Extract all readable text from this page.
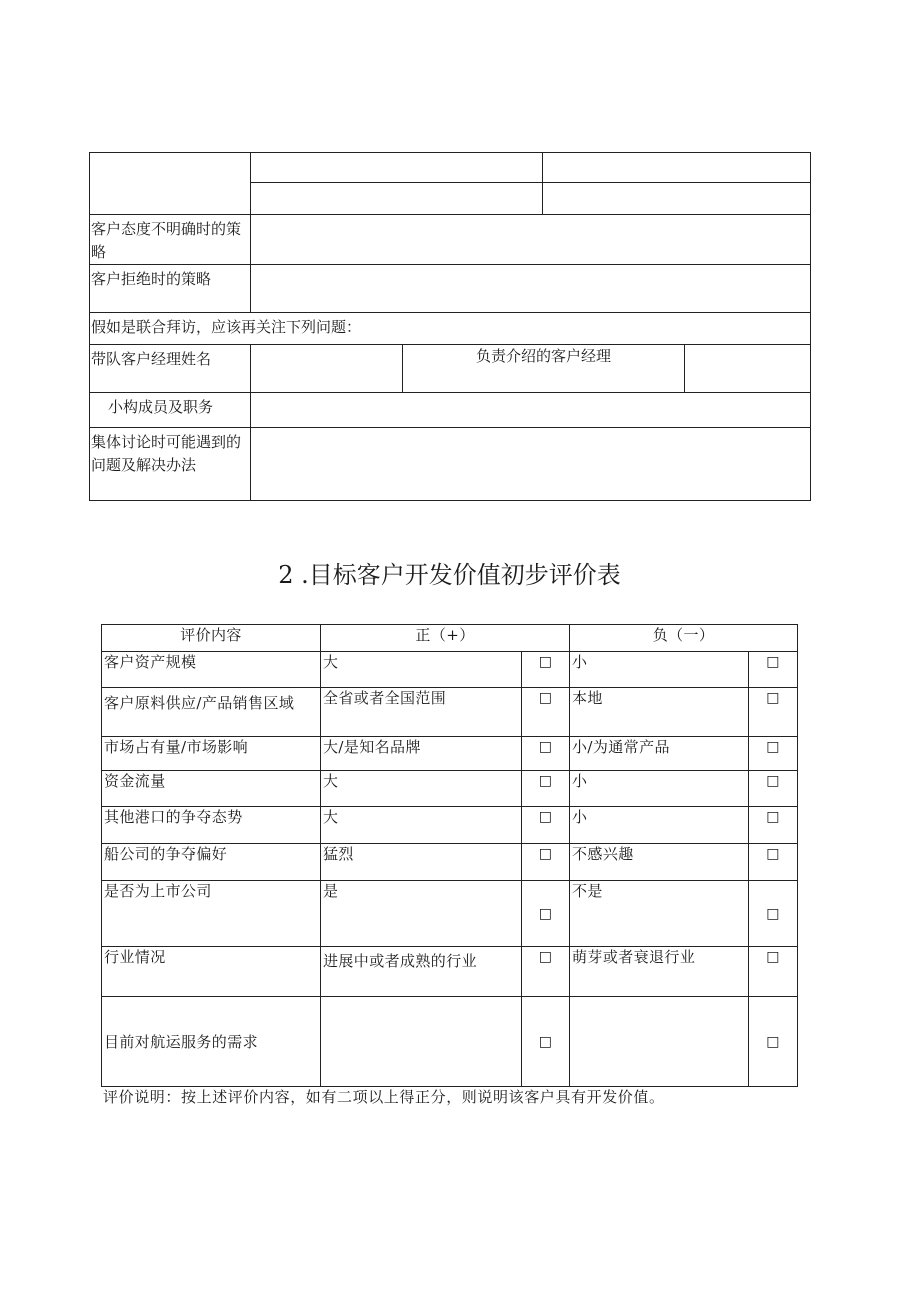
客户态度不明确时的策略				

客户拒绝时的策略				
假如是联合拜访，应该再关注下列问题：				
带队客户经理姓名		负责介绍的客户经理		
小构成员及职务				

集体讨论时可能遇到的问题及解决办法				

2 .目标客户开发价值初步评价表
评价内容	正（+）		负（一）	
客户资产规模	大	□	小	□
客户原料供应/产品销售区域	全省或者全国范围	□	本地	□
市场占有量/市场影响	大/是知名品牌	□	小/为通常产品	□
资金流量	大	□	小	□
其他港口的争夺态势	大	□	小	□
船公司的争夺偏好	猛烈	□	不感兴趣	□
是否为上市公司	是	□	不是	□
行业情况	进展中或者成熟的行业	□	萌芽或者衰退行业	□
目前对航运服务的需求		□		□
评价说明：按上述评价内容，如有二项以上得正分，则说明该客户具有开发价值。
